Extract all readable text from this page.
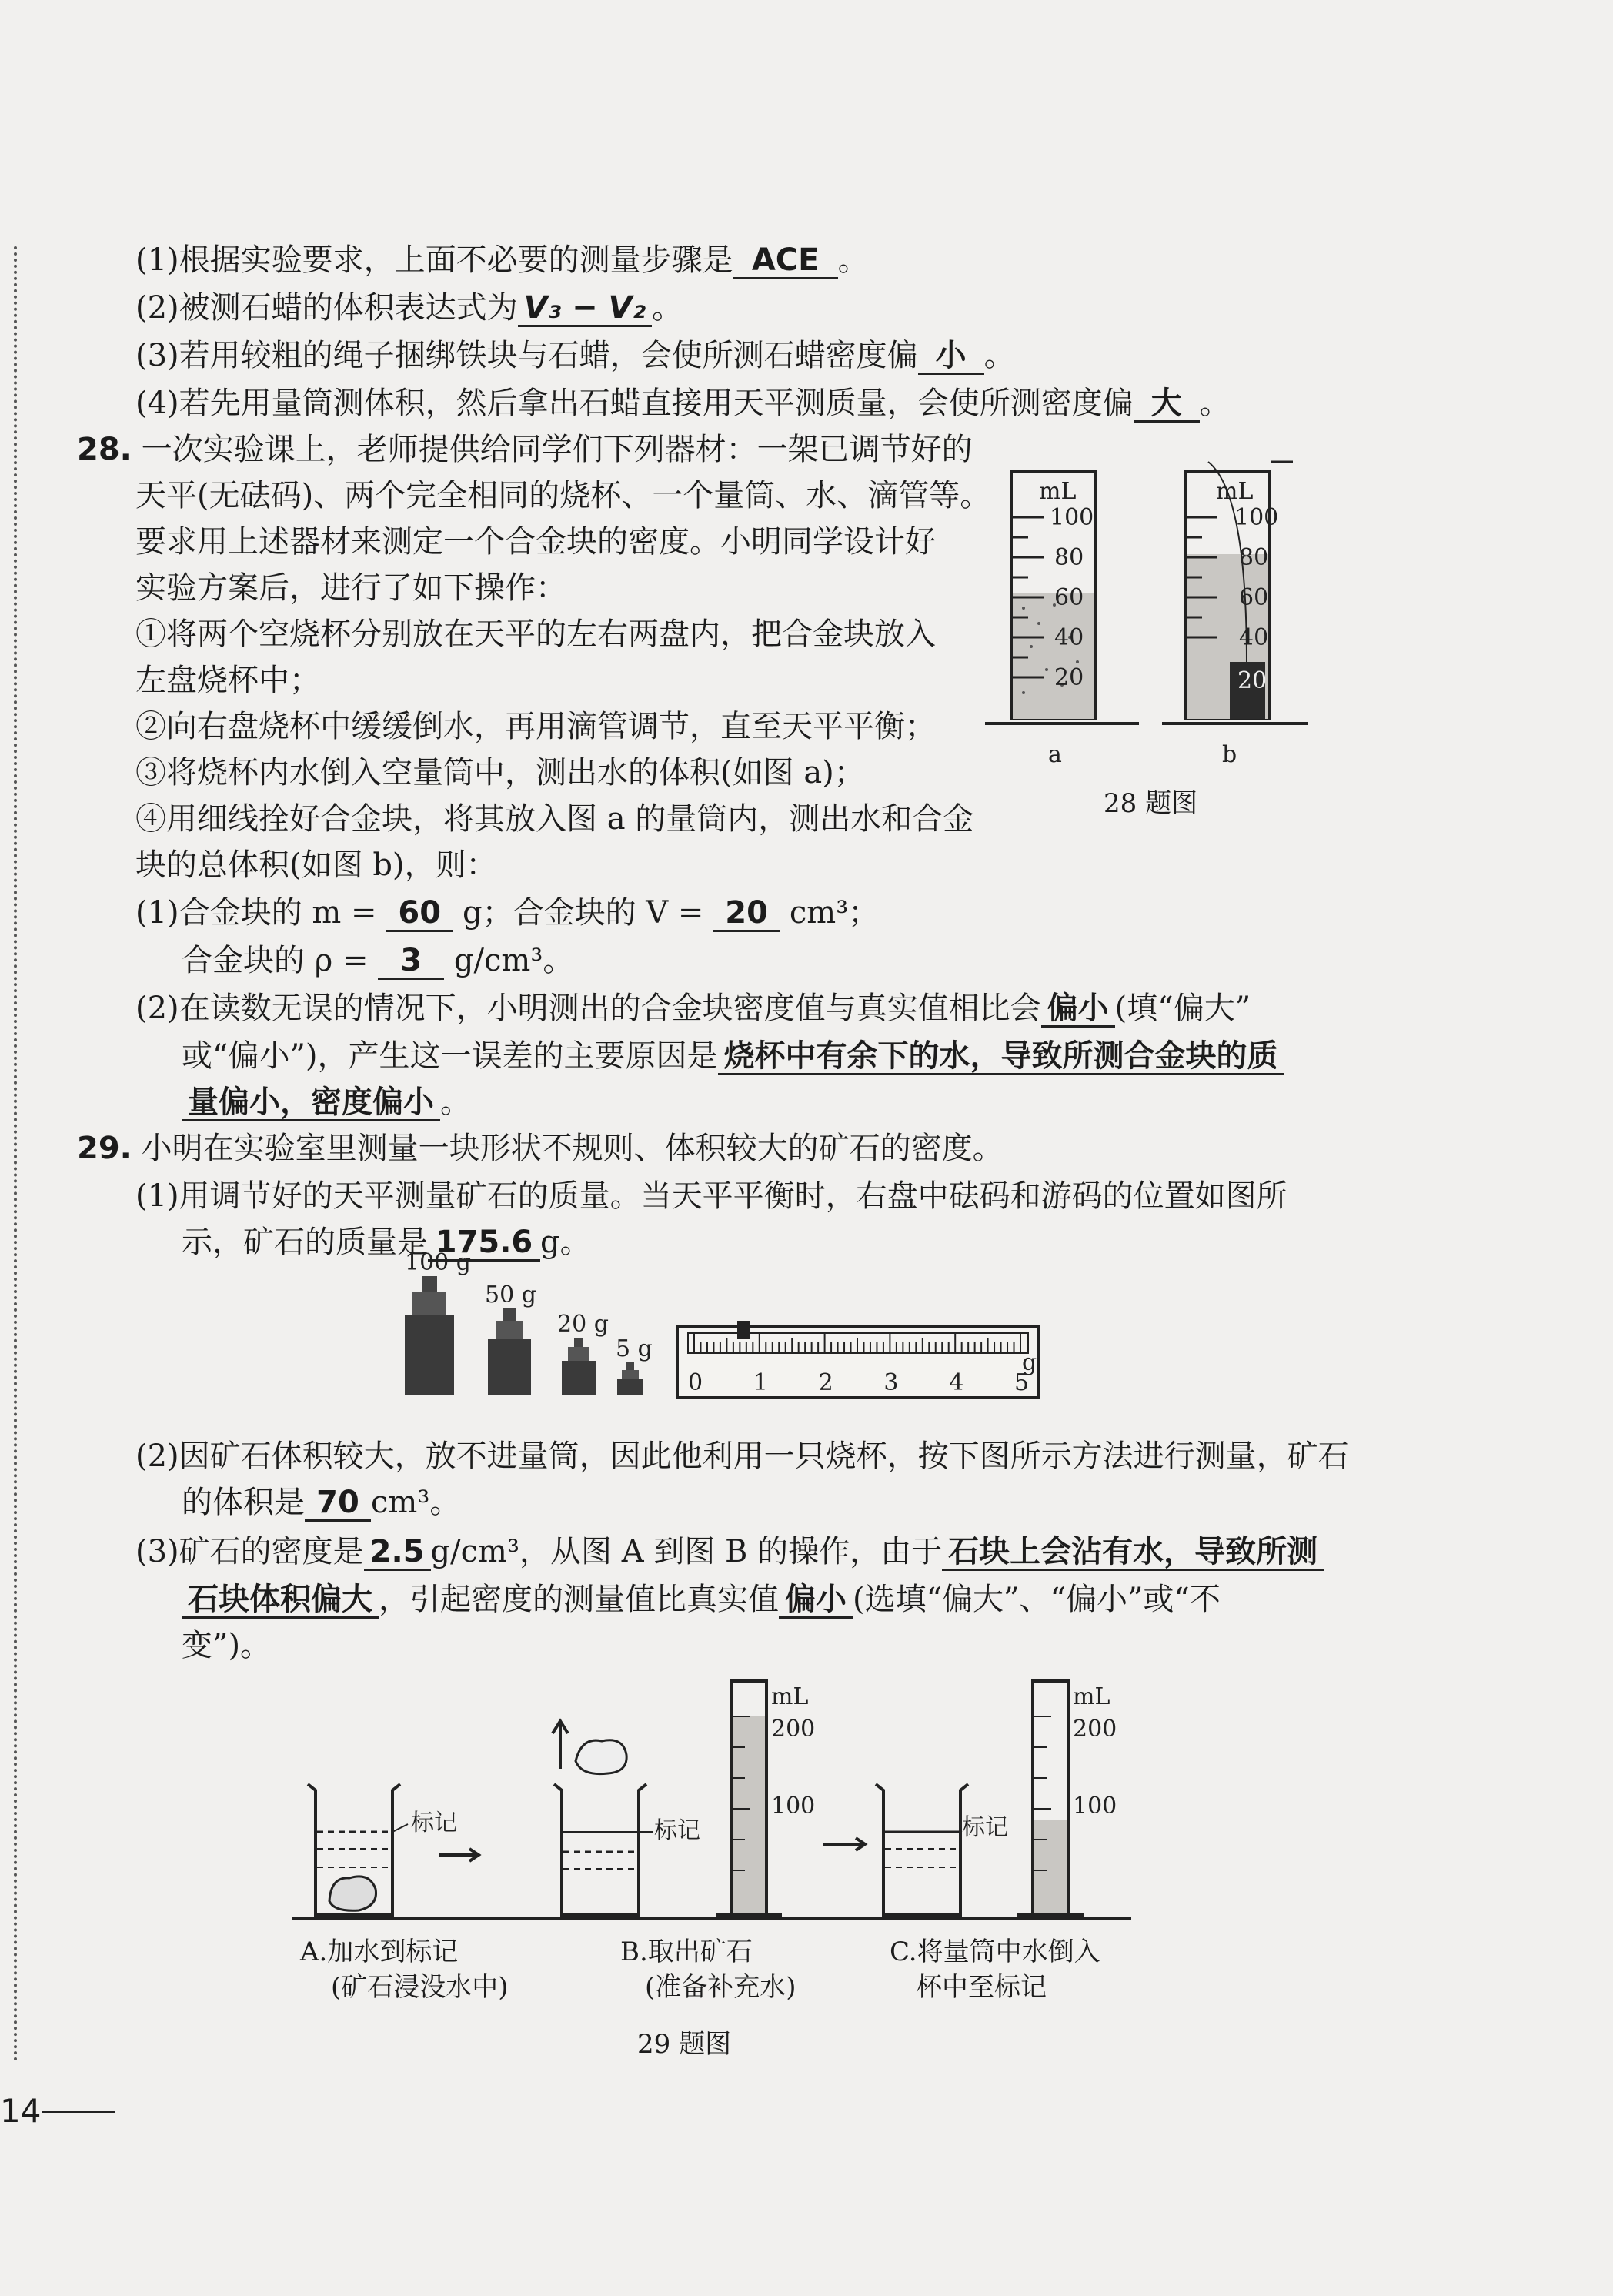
(1)根据实验要求，上面不必要的测量步骤是 ACE 。
(2)被测石蜡的体积表达式为 V₃ − V₂ 。
(3)若用较粗的绳子捆绑铁块与石蜡，会使所测石蜡密度偏 小 。
(4)若先用量筒测体积，然后拿出石蜡直接用天平测质量，会使所测密度偏 大 。
28. 一次实验课上，老师提供给同学们下列器材：一架已调节好的
天平(无砝码)、两个完全相同的烧杯、一个量筒、水、滴管等。
要求用上述器材来测定一个合金块的密度。小明同学设计好
实验方案后，进行了如下操作：
①将两个空烧杯分别放在天平的左右两盘内，把合金块放入
左盘烧杯中；
②向右盘烧杯中缓缓倒水，再用滴管调节，直至天平平衡；
③将烧杯内水倒入空量筒中，测出水的体积(如图 a)；
④用细线拴好合金块，将其放入图 a 的量筒内，测出水和合金
块的总体积(如图 b)，则：
(1)合金块的 m = 60 g；合金块的 V = 20 cm³；
合金块的 ρ = 3 g/cm³。
(2)在读数无误的情况下，小明测出的合金块密度值与真实值相比会 偏小 (填“偏大”
或“偏小”)，产生这一误差的主要原因是 烧杯中有余下的水，导致所测合金块的质
量偏小，密度偏小 。
mL
100
80
60
40
20
a
mL
100
80
60
40
20
b
28 题图
29. 小明在实验室里测量一块形状不规则、体积较大的矿石的密度。
(1)用调节好的天平测量矿石的质量。当天平平衡时，右盘中砝码和游码的位置如图所
示，矿石的质量是 175.6 g。
100 g
50 g
20 g
5 g
0 1 2 3 4 5
g
(2)因矿石体积较大，放不进量筒，因此他利用一只烧杯，按下图所示方法进行测量，矿石
的体积是 70 cm³。
(3)矿石的密度是 2.5 g/cm³，从图 A 到图 B 的操作，由于 石块上会沾有水，导致所测
石块体积偏大 ，引起密度的测量值比真实值 偏小 (选填“偏大”、“偏小”或“不
变”)。
标记	标记
mL
200
100
标记
mL
200
100
A.加水到标记
(矿石浸没水中)
B.取出矿石
(准备补充水)
C.将量筒中水倒入
杯中至标记
29 题图
14
